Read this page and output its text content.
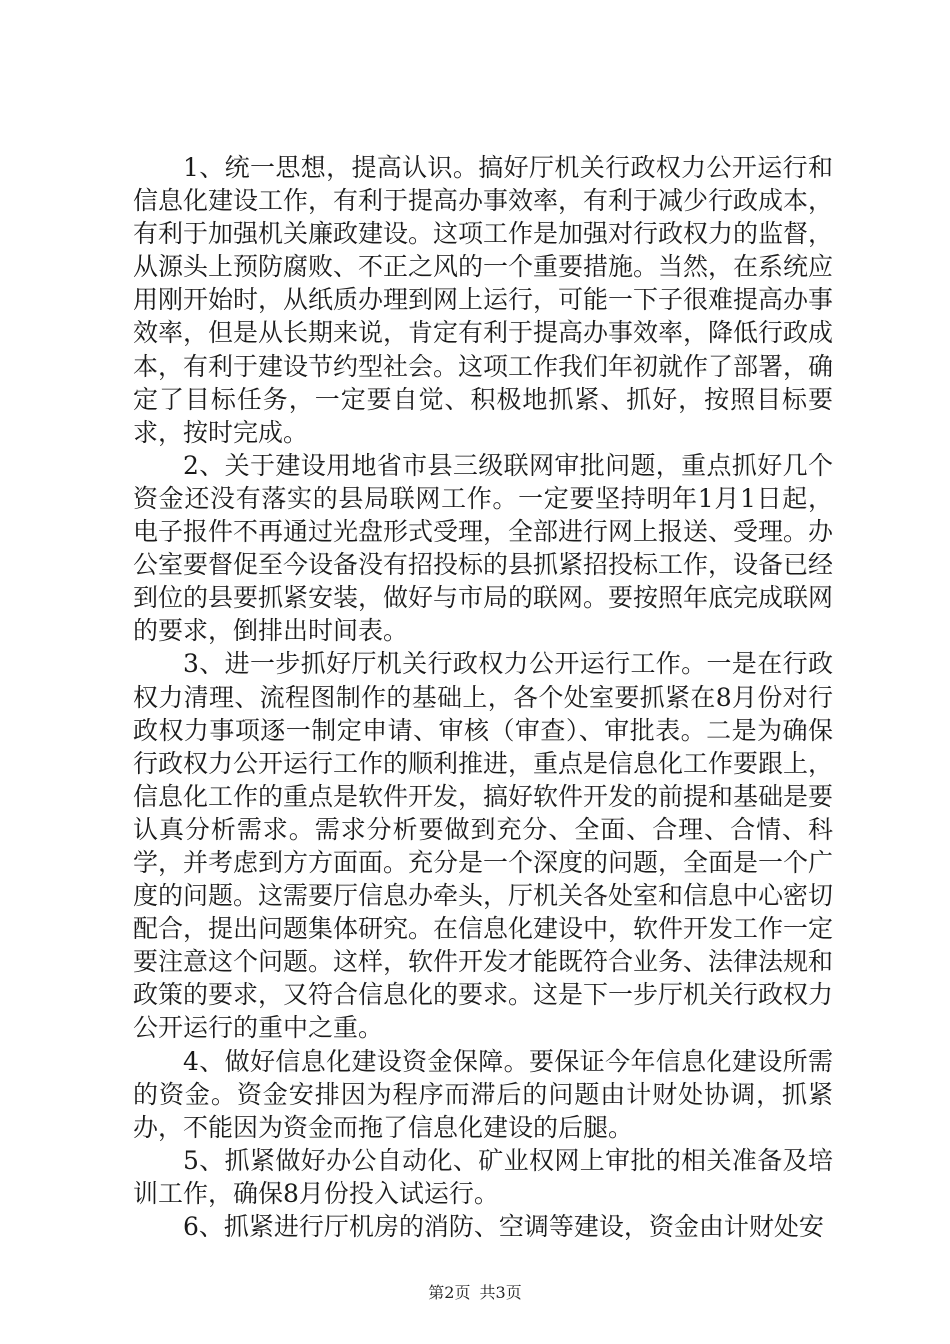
1、统一思想，提高认识。搞好厅机关行政权力公开运行和信息化建设工作，有利于提高办事效率，有利于减少行政成本，有利于加强机关廉政建设。这项工作是加强对行政权力的监督，从源头上预防腐败、不正之风的一个重要措施。当然，在系统应用刚开始时，从纸质办理到网上运行，可能一下子很难提高办事效率，但是从长期来说，肯定有利于提高办事效率，降低行政成本，有利于建设节约型社会。这项工作我们年初就作了部署，确定了目标任务，一定要自觉、积极地抓紧、抓好，按照目标要求，按时完成。

2、关于建设用地省市县三级联网审批问题，重点抓好几个资金还没有落实的县局联网工作。一定要坚持明年1月1日起，电子报件不再通过光盘形式受理，全部进行网上报送、受理。办公室要督促至今设备没有招投标的县抓紧招投标工作，设备已经到位的县要抓紧安装，做好与市局的联网。要按照年底完成联网的要求，倒排出时间表。

3、进一步抓好厅机关行政权力公开运行工作。一是在行政权力清理、流程图制作的基础上，各个处室要抓紧在8月份对行政权力事项逐一制定申请、审核（审查）、审批表。二是为确保行政权力公开运行工作的顺利推进，重点是信息化工作要跟上，信息化工作的重点是软件开发，搞好软件开发的前提和基础是要认真分析需求。需求分析要做到充分、全面、合理、合情、科学，并考虑到方方面面。充分是一个深度的问题，全面是一个广度的问题。这需要厅信息办牵头，厅机关各处室和信息中心密切配合，提出问题集体研究。在信息化建设中，软件开发工作一定要注意这个问题。这样，软件开发才能既符合业务、法律法规和政策的要求，又符合信息化的要求。这是下一步厅机关行政权力公开运行的重中之重。

4、做好信息化建设资金保障。要保证今年信息化建设所需的资金。资金安排因为程序而滞后的问题由计财处协调，抓紧办，不能因为资金而拖了信息化建设的后腿。

5、抓紧做好办公自动化、矿业权网上审批的相关准备及培训工作，确保8月份投入试运行。

6、抓紧进行厅机房的消防、空调等建设，资金由计财处安

第2页 共3页
